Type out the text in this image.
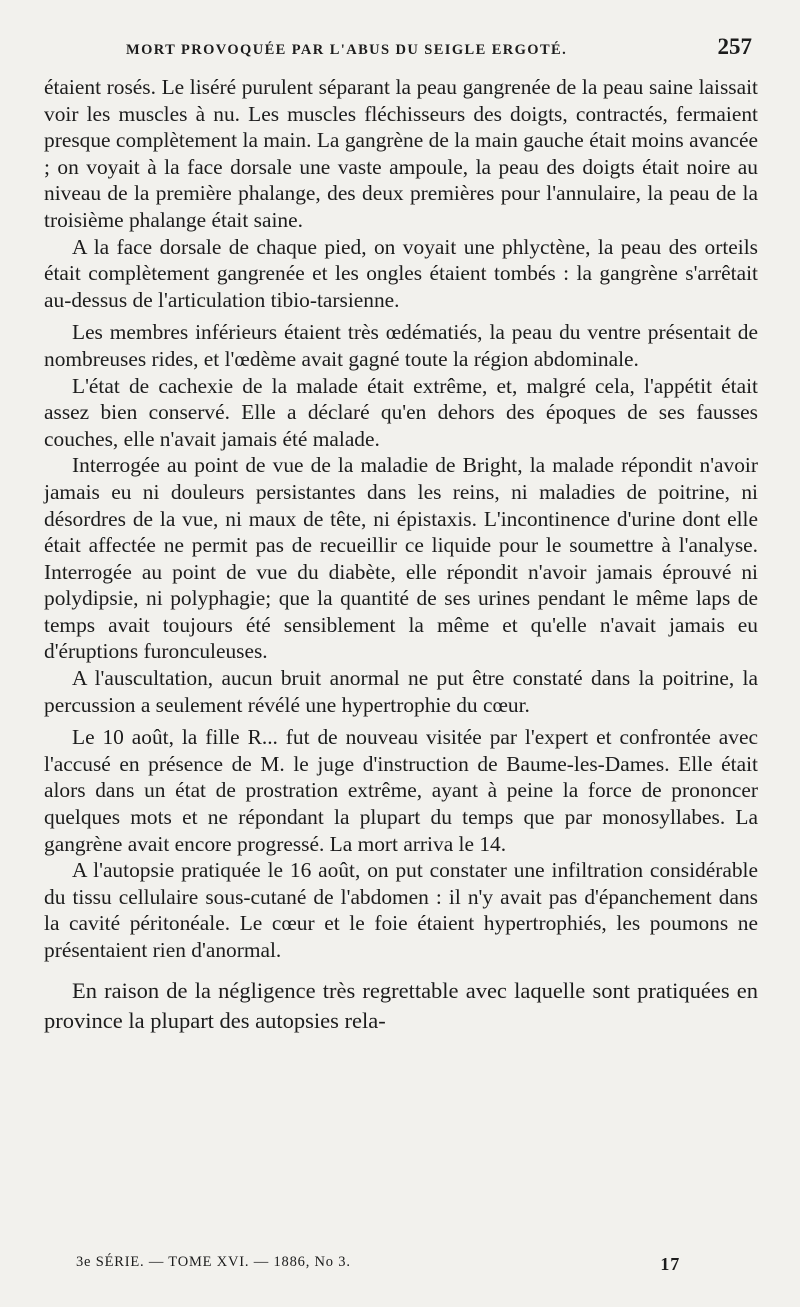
MORT PROVOQUÉE PAR L'ABUS DU SEIGLE ERGOTÉ.	257

étaient rosés. Le liséré purulent séparant la peau gangrenée de la peau saine laissait voir les muscles à nu. Les muscles fléchisseurs des doigts, contractés, fermaient presque complètement la main. La gangrène de la main gauche était moins avancée ; on voyait à la face dorsale une vaste ampoule, la peau des doigts était noire au niveau de la première phalange, des deux premières pour l'annulaire, la peau de la troisième phalange était saine.

A la face dorsale de chaque pied, on voyait une phlyctène, la peau des orteils était complètement gangrenée et les ongles étaient tombés : la gangrène s'arrêtait au-dessus de l'articulation tibio-tarsienne.

Les membres inférieurs étaient très œdématiés, la peau du ventre présentait de nombreuses rides, et l'œdème avait gagné toute la région abdominale.

L'état de cachexie de la malade était extrême, et, malgré cela, l'appétit était assez bien conservé. Elle a déclaré qu'en dehors des époques de ses fausses couches, elle n'avait jamais été malade.

Interrogée au point de vue de la maladie de Bright, la malade répondit n'avoir jamais eu ni douleurs persistantes dans les reins, ni maladies de poitrine, ni désordres de la vue, ni maux de tête, ni épistaxis. L'incontinence d'urine dont elle était affectée ne permit pas de recueillir ce liquide pour le soumettre à l'analyse. Interrogée au point de vue du diabète, elle répondit n'avoir jamais éprouvé ni polydipsie, ni polyphagie; que la quantité de ses urines pendant le même laps de temps avait toujours été sensiblement la même et qu'elle n'avait jamais eu d'éruptions furonculeuses.

A l'auscultation, aucun bruit anormal ne put être constaté dans la poitrine, la percussion a seulement révélé une hypertrophie du cœur.

Le 10 août, la fille R... fut de nouveau visitée par l'expert et confrontée avec l'accusé en présence de M. le juge d'instruction de Baume-les-Dames. Elle était alors dans un état de prostration extrême, ayant à peine la force de prononcer quelques mots et ne répondant la plupart du temps que par monosyllabes. La gangrène avait encore progressé. La mort arriva le 14.

A l'autopsie pratiquée le 16 août, on put constater une infiltration considérable du tissu cellulaire sous-cutané de l'abdomen : il n'y avait pas d'épanchement dans la cavité péritonéale. Le cœur et le foie étaient hypertrophiés, les poumons ne présentaient rien d'anormal.

En raison de la négligence très regrettable avec laquelle sont pratiquées en province la plupart des autopsies rela-

3e SÉRIE. — TOME XVI. — 1886, No 3.	17
